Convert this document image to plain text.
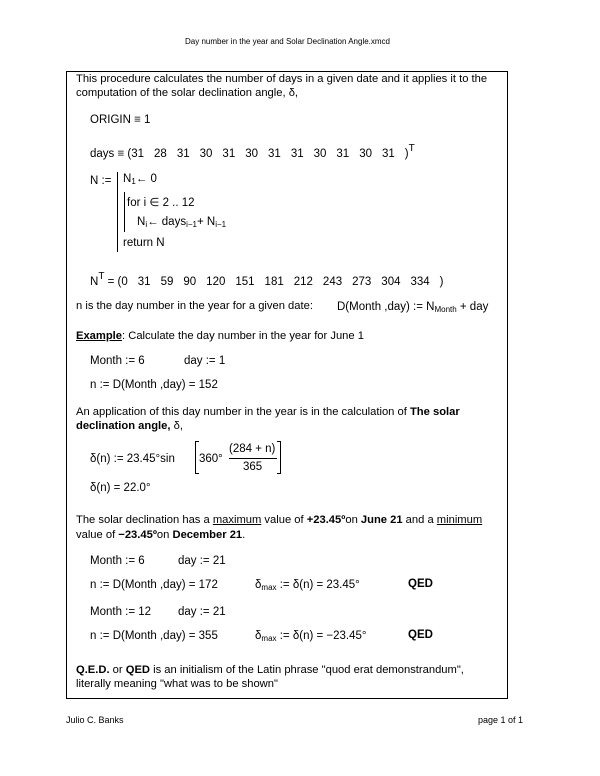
Day number in the year and Solar Declination Angle.xmcd
This procedure calculates the number of days in a given date and it applies it to the
computation of the solar declination angle, δ,
ORIGIN ≡ 1
days ≡ (31 28 31 30 31 30 31 31 30 31 30 31 )T
N := $N_1\leftarrow$ 0
for i ∈ 2 .. 12
$N_i\leftarrow$ days$_{i-1}$+ $N_{i-1}$
return N
NT = (0 31 59 90 120 151 181 212 243 273 304 334 )
n is the day number in the year for a given date: D(Month ,day) := $N_{Month}$ + day
Example: Calculate the day number in the year for June 1
Month := 6	day := 1
n := D(Month ,day) = 152
An application of this day number in the year is in the calculation of The solar
declination angle, δ,
δ(n) := 23.45°sin 360°
(284 + n)
365
δ(n) = 22.0°
The solar declination has a maximum value of +23.45ºon June 21 and a minimum
value of −23.45ºon December 21.
Month := 6	day := 21
n := D(Month ,day) = 172	$\delta_{max}$ := δ(n) = 23.45°	QED
Month := 12 day := 21
n := D(Month ,day) = 355	$\delta_{max}$ := δ(n) = −23.45°	QED
Q.E.D. or QED is an initialism of the Latin phrase "quod erat demonstrandum",
literally meaning "what was to be shown"
Julio C. Banks	page 1 of 1
